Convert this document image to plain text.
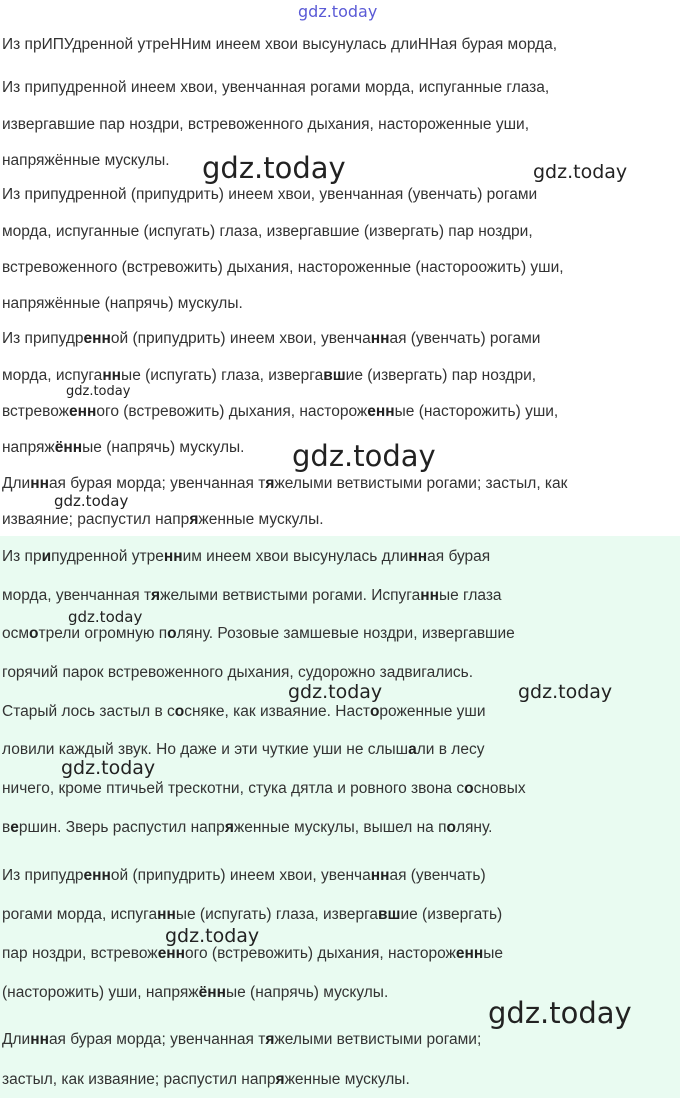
Из прИПУдренной утреННим инеем хвои высунулась длиННая бурая морда,
Из припудренной инеем хвои, увенчанная рогами морда, испуганные глаза,
извергавшие пар ноздри, встревоженного дыхания, настороженные уши,
напряжённые мускулы.
Из припудренной (припудрить) инеем хвои, увенчанная (увенчать) рогами
морда, испуганные (испугать) глаза, извергавшие (извергать) пар ноздри,
встревоженного (встревожить) дыхания, настороженные (настороожить) уши,
напряжённые (напрячь) мускулы.
Из припудренной (припудрить) инеем хвои, увенчанная (увенчать) рогами
морда, испуганные (испугать) глаза, извергавшие (извергать) пар ноздри,
встревоженного (встревожить) дыхания, настороженные (насторожить) уши,
напряжённые (напрячь) мускулы.
Длинная бурая морда; увенчанная тяжелыми ветвистыми рогами; застыл, как
изваяние; распустил напряженные мускулы.
Из припудренной утренним инеем хвои высунулась длинная бурая
морда, увенчанная тяжелыми ветвистыми рогами. Испуганные глаза
осмотрели огромную поляну. Розовые замшевые ноздри, извергавшие
горячий парок встревоженного дыхания, судорожно задвигались.
Старый лось застыл в сосняке, как изваяние. Настороженные уши
ловили каждый звук. Но даже и эти чуткие уши не слышали в лесу
ничего, кроме птичьей трескотни, стука дятла и ровного звона сосновых
вершин. Зверь распустил напряженные мускулы, вышел на поляну.
Из припудренной (припудрить) инеем хвои, увенчанная (увенчать)
рогами морда, испуганные (испугать) глаза, извергавшие (извергать)
пар ноздри, встревоженного (встревожить) дыхания, настороженные
(насторожить) уши, напряжённые (напрячь) мускулы.
Длинная бурая морда; увенчанная тяжелыми ветвистыми рогами;
застыл, как изваяние; распустил напряженные мускулы.
gdz.today
gdz.today	gdz.today
gdz.today
gdz.today
gdz.today
gdz.today
gdz.today	gdz.today
gdz.today
gdz.today
gdz.today
